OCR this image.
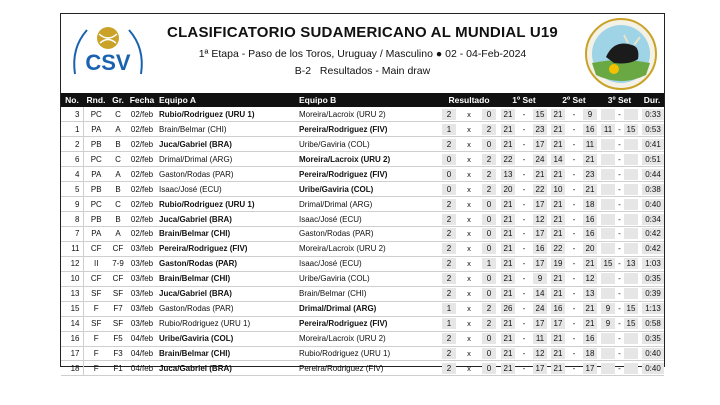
CSV
CLASIFICATORIO SUDAMERICANO AL MUNDIAL U19
1ª Etapa - Paso de los Toros, Uruguay / Masculino ● 02 - 04-Feb-2024
B-2 Resultados - Main draw
No.	Rnd.	Gr.	Fecha	Equipo A	Equipo B	Resultado	1º Set	2º Set	3º Set	Dur.
3	PC	C	02/feb	Rubio/Rodriguez (URU 1)	Moreira/Lacroix (URU 2)	2 x 0	21 - 15	21 - 9	-	0:33
1	PA	A	02/feb	Brain/Belmar (CHI)	Pereira/Rodriguez (FIV)	1 x 2	21 - 23	21 - 16	11 - 15	0:53
2	PB	B	02/feb	Juca/Gabriel (BRA)	Uribe/Gaviria (COL)	2 x 0	21 - 17	21 - 11	-	0:41
6	PC	C	02/feb	Drimal/Drimal (ARG)	Moreira/Lacroix (URU 2)	0 x 2	22 - 24	14 - 21	-	0:51
4	PA	A	02/feb	Gaston/Rodas (PAR)	Pereira/Rodriguez (FIV)	0 x 2	13 - 21	21 - 23	-	0:44
5	PB	B	02/feb	Isaac/José (ECU)	Uribe/Gaviria (COL)	0 x 2	20 - 22	10 - 21	-	0:38
9	PC	C	02/feb	Rubio/Rodriguez (URU 1)	Drimal/Drimal (ARG)	2 x 0	21 - 17	21 - 18	-	0:40
8	PB	B	02/feb	Juca/Gabriel (BRA)	Isaac/José (ECU)	2 x 0	21 - 12	21 - 16	-	0:34
7	PA	A	02/feb	Brain/Belmar (CHI)	Gaston/Rodas (PAR)	2 x 0	21 - 17	21 - 16	-	0:42
11	CF	CF	03/feb	Pereira/Rodriguez (FIV)	Moreira/Lacroix (URU 2)	2 x 0	21 - 16	22 - 20	-	0:42
12	II	7-9	03/feb	Gaston/Rodas (PAR)	Isaac/José (ECU)	2 x 1	21 - 17	19 - 21	15 - 13	1:03
10	CF	CF	03/feb	Brain/Belmar (CHI)	Uribe/Gaviria (COL)	2 x 0	21 - 9	21 - 12	-	0:35
13	SF	SF	03/feb	Juca/Gabriel (BRA)	Brain/Belmar (CHI)	2 x 0	21 - 14	21 - 13	-	0:39
15	F	F7	03/feb	Gaston/Rodas (PAR)	Drimal/Drimal (ARG)	1 x 2	26 - 24	16 - 21	9 - 15	1:13
14	SF	SF	03/feb	Rubio/Rodriguez (URU 1)	Pereira/Rodriguez (FIV)	1 x 2	21 - 17	17 - 21	9 - 15	0:58
16	F	F5	04/feb	Uribe/Gaviria (COL)	Moreira/Lacroix (URU 2)	2 x 0	21 - 11	21 - 16	-	0:35
17	F	F3	04/feb	Brain/Belmar (CHI)	Rubio/Rodriguez (URU 1)	2 x 0	21 - 12	21 - 18	-	0:40
18	F	F1	04/feb	Juca/Gabriel (BRA)	Pereira/Rodriguez (FIV)	2 x 0	21 - 17	21 - 17	-	0:40
